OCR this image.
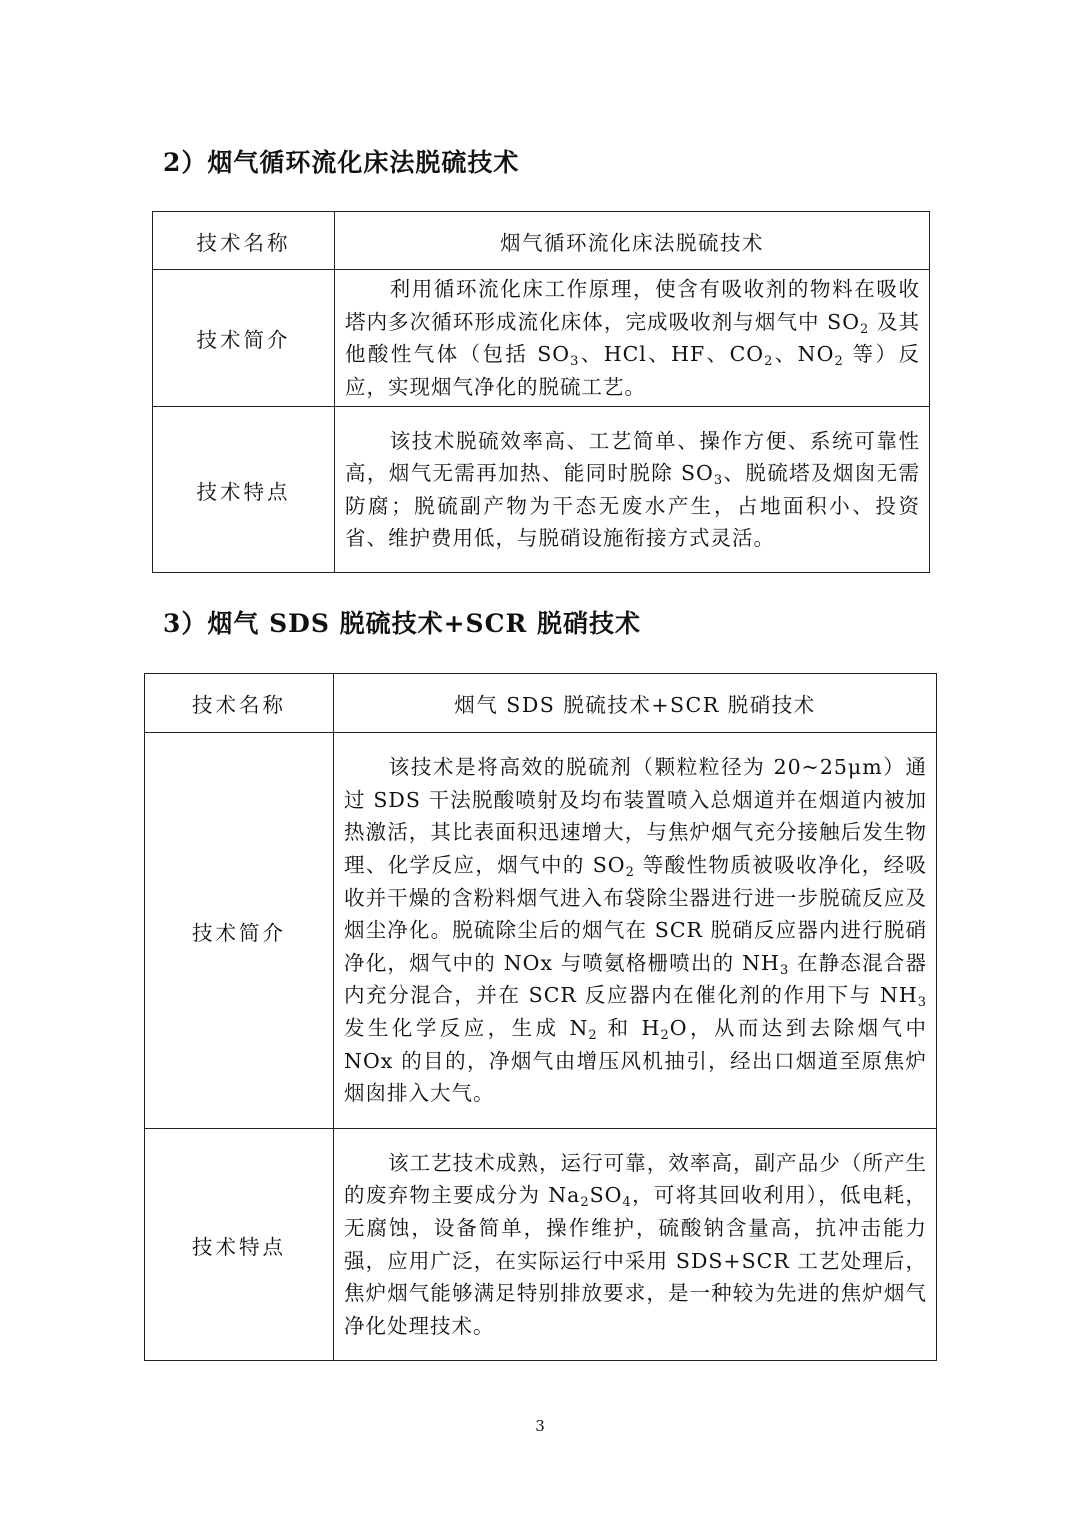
2）烟气循环流化床法脱硫技术
技术名称	烟气循环流化床法脱硫技术
技术简介	利用循环流化床工作原理，使含有吸收剂的物料在吸收塔内多次循环形成流化床体，完成吸收剂与烟气中 $SO_2$ 及其他酸性气体（包括 $SO_3$、HCl、HF、$CO_2$、$NO_2$ 等）反应，实现烟气净化的脱硫工艺。
技术特点	该技术脱硫效率高、工艺简单、操作方便、系统可靠性高，烟气无需再加热、能同时脱除 $SO_3$、脱硫塔及烟囱无需防腐；脱硫副产物为干态无废水产生，占地面积小、投资省、维护费用低，与脱硝设施衔接方式灵活。
3）烟气 SDS 脱硫技术+SCR 脱硝技术
技术名称	烟气 SDS 脱硫技术+SCR 脱硝技术
技术简介	该技术是将高效的脱硫剂（颗粒粒径为 20~25μm）通过 SDS 干法脱酸喷射及均布装置喷入总烟道并在烟道内被加热激活，其比表面积迅速增大，与焦炉烟气充分接触后发生物理、化学反应，烟气中的 $SO_2$ 等酸性物质被吸收净化，经吸收并干燥的含粉料烟气进入布袋除尘器进行进一步脱硫反应及烟尘净化。脱硫除尘后的烟气在 SCR 脱硝反应器内进行脱硝净化，烟气中的 NOx 与喷氨格栅喷出的 $NH_3$ 在静态混合器内充分混合，并在 SCR 反应器内在催化剂的作用下与 $NH_3$ 发生化学反应，生成 $N_2$ 和 $H_2O$，从而达到去除烟气中 NOx 的目的，净烟气由增压风机抽引，经出口烟道至原焦炉烟囱排入大气。
技术特点	该工艺技术成熟，运行可靠，效率高，副产品少（所产生的废弃物主要成分为 $Na_2SO_4$，可将其回收利用），低电耗，无腐蚀，设备简单，操作维护，硫酸钠含量高，抗冲击能力强，应用广泛，在实际运行中采用 SDS+SCR 工艺处理后，焦炉烟气能够满足特别排放要求，是一种较为先进的焦炉烟气净化处理技术。
3
